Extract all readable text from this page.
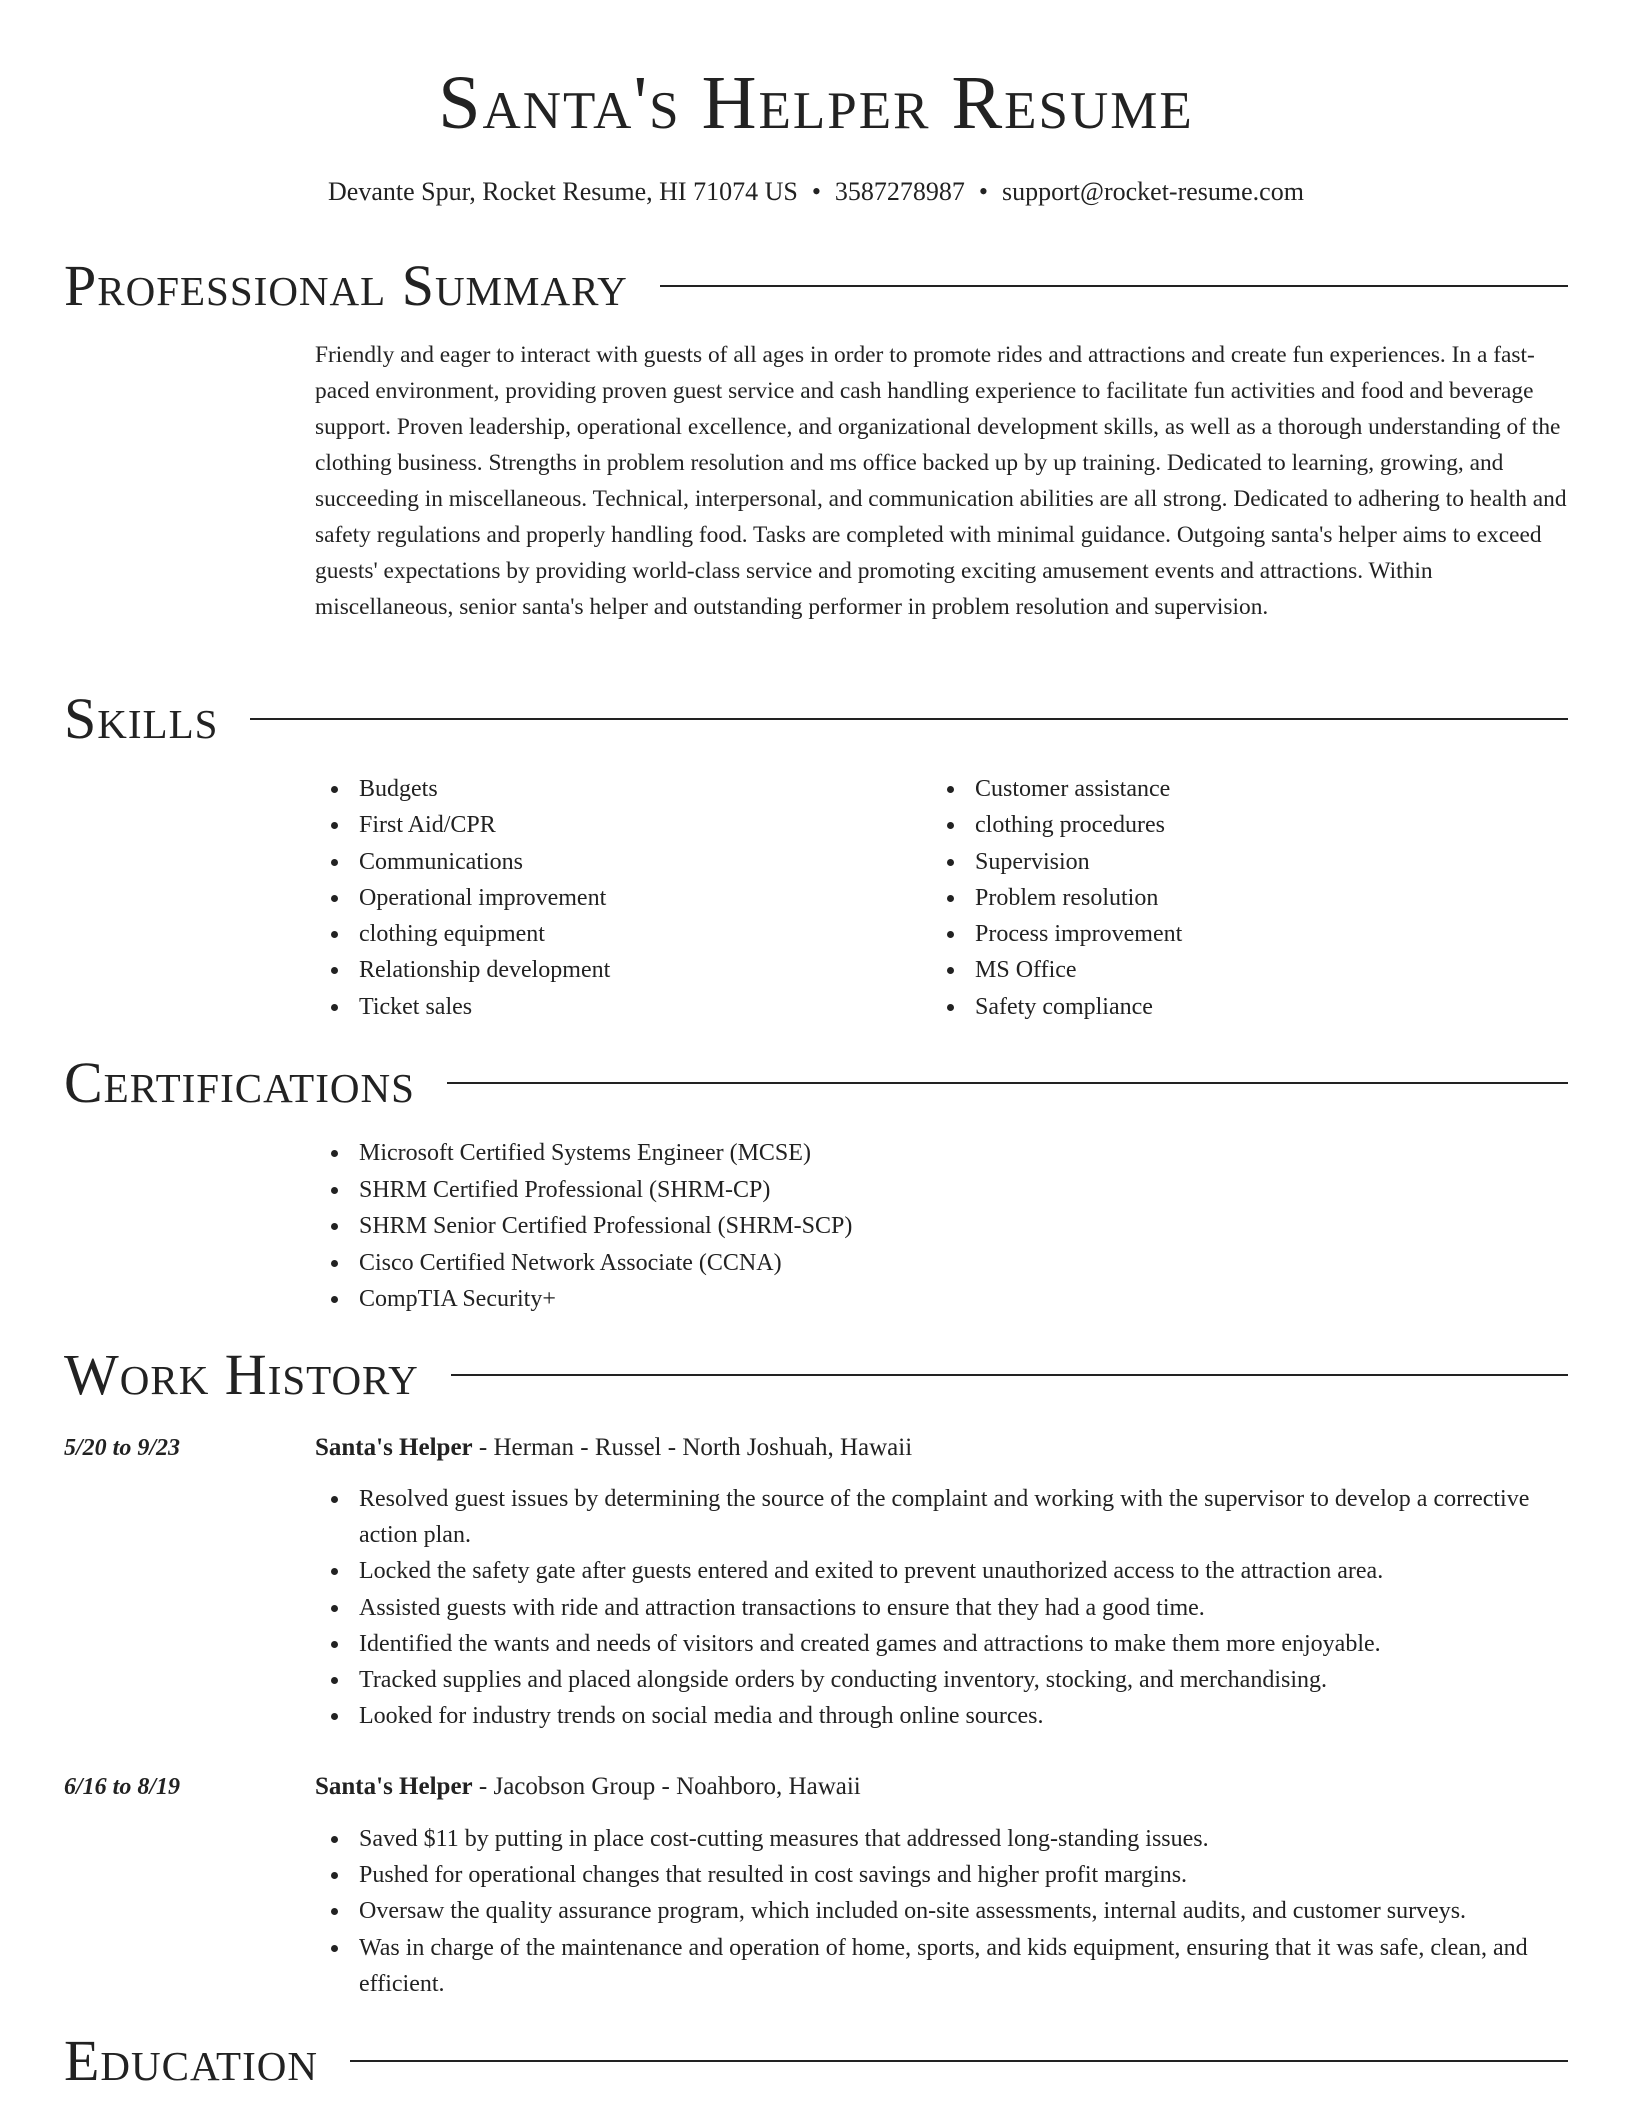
Santa's Helper Resume
Devante Spur, Rocket Resume, HI 71074 US • 3587278987 • support@rocket-resume.com
Professional Summary

Friendly and eager to interact with guests of all ages in order to promote rides and attractions and create fun experiences. In a fast-paced environment, providing proven guest service and cash handling experience to facilitate fun activities and food and beverage support. Proven leadership, operational excellence, and organizational development skills, as well as a thorough understanding of the clothing business. Strengths in problem resolution and ms office backed up by up training. Dedicated to learning, growing, and succeeding in miscellaneous. Technical, interpersonal, and communication abilities are all strong. Dedicated to adhering to health and safety regulations and properly handling food. Tasks are completed with minimal guidance. Outgoing santa's helper aims to exceed guests' expectations by providing world-class service and promoting exciting amusement events and attractions. Within miscellaneous, senior santa's helper and outstanding performer in problem resolution and supervision.

Skills
Budgets
First Aid/CPR
Communications
Operational improvement
clothing equipment
Relationship development
Ticket sales
Customer assistance
clothing procedures
Supervision
Problem resolution
Process improvement
MS Office
Safety compliance
Certifications
Microsoft Certified Systems Engineer (MCSE)
SHRM Certified Professional (SHRM-CP)
SHRM Senior Certified Professional (SHRM-SCP)
Cisco Certified Network Associate (CCNA)
CompTIA Security+
Work History
5/20 to 9/23	Santa's Helper - Herman - Russel - North Joshuah, Hawaii
Resolved guest issues by determining the source of the complaint and working with the supervisor to develop a corrective action plan.
Locked the safety gate after guests entered and exited to prevent unauthorized access to the attraction area.
Assisted guests with ride and attraction transactions to ensure that they had a good time.
Identified the wants and needs of visitors and created games and attractions to make them more enjoyable.
Tracked supplies and placed alongside orders by conducting inventory, stocking, and merchandising.
Looked for industry trends on social media and through online sources.
6/16 to 8/19	Santa's Helper - Jacobson Group - Noahboro, Hawaii
Saved $11 by putting in place cost-cutting measures that addressed long-standing issues.
Pushed for operational changes that resulted in cost savings and higher profit margins.
Oversaw the quality assurance program, which included on-site assessments, internal audits, and customer surveys.
Was in charge of the maintenance and operation of home, sports, and kids equipment, ensuring that it was safe, clean, and efficient.
Education
